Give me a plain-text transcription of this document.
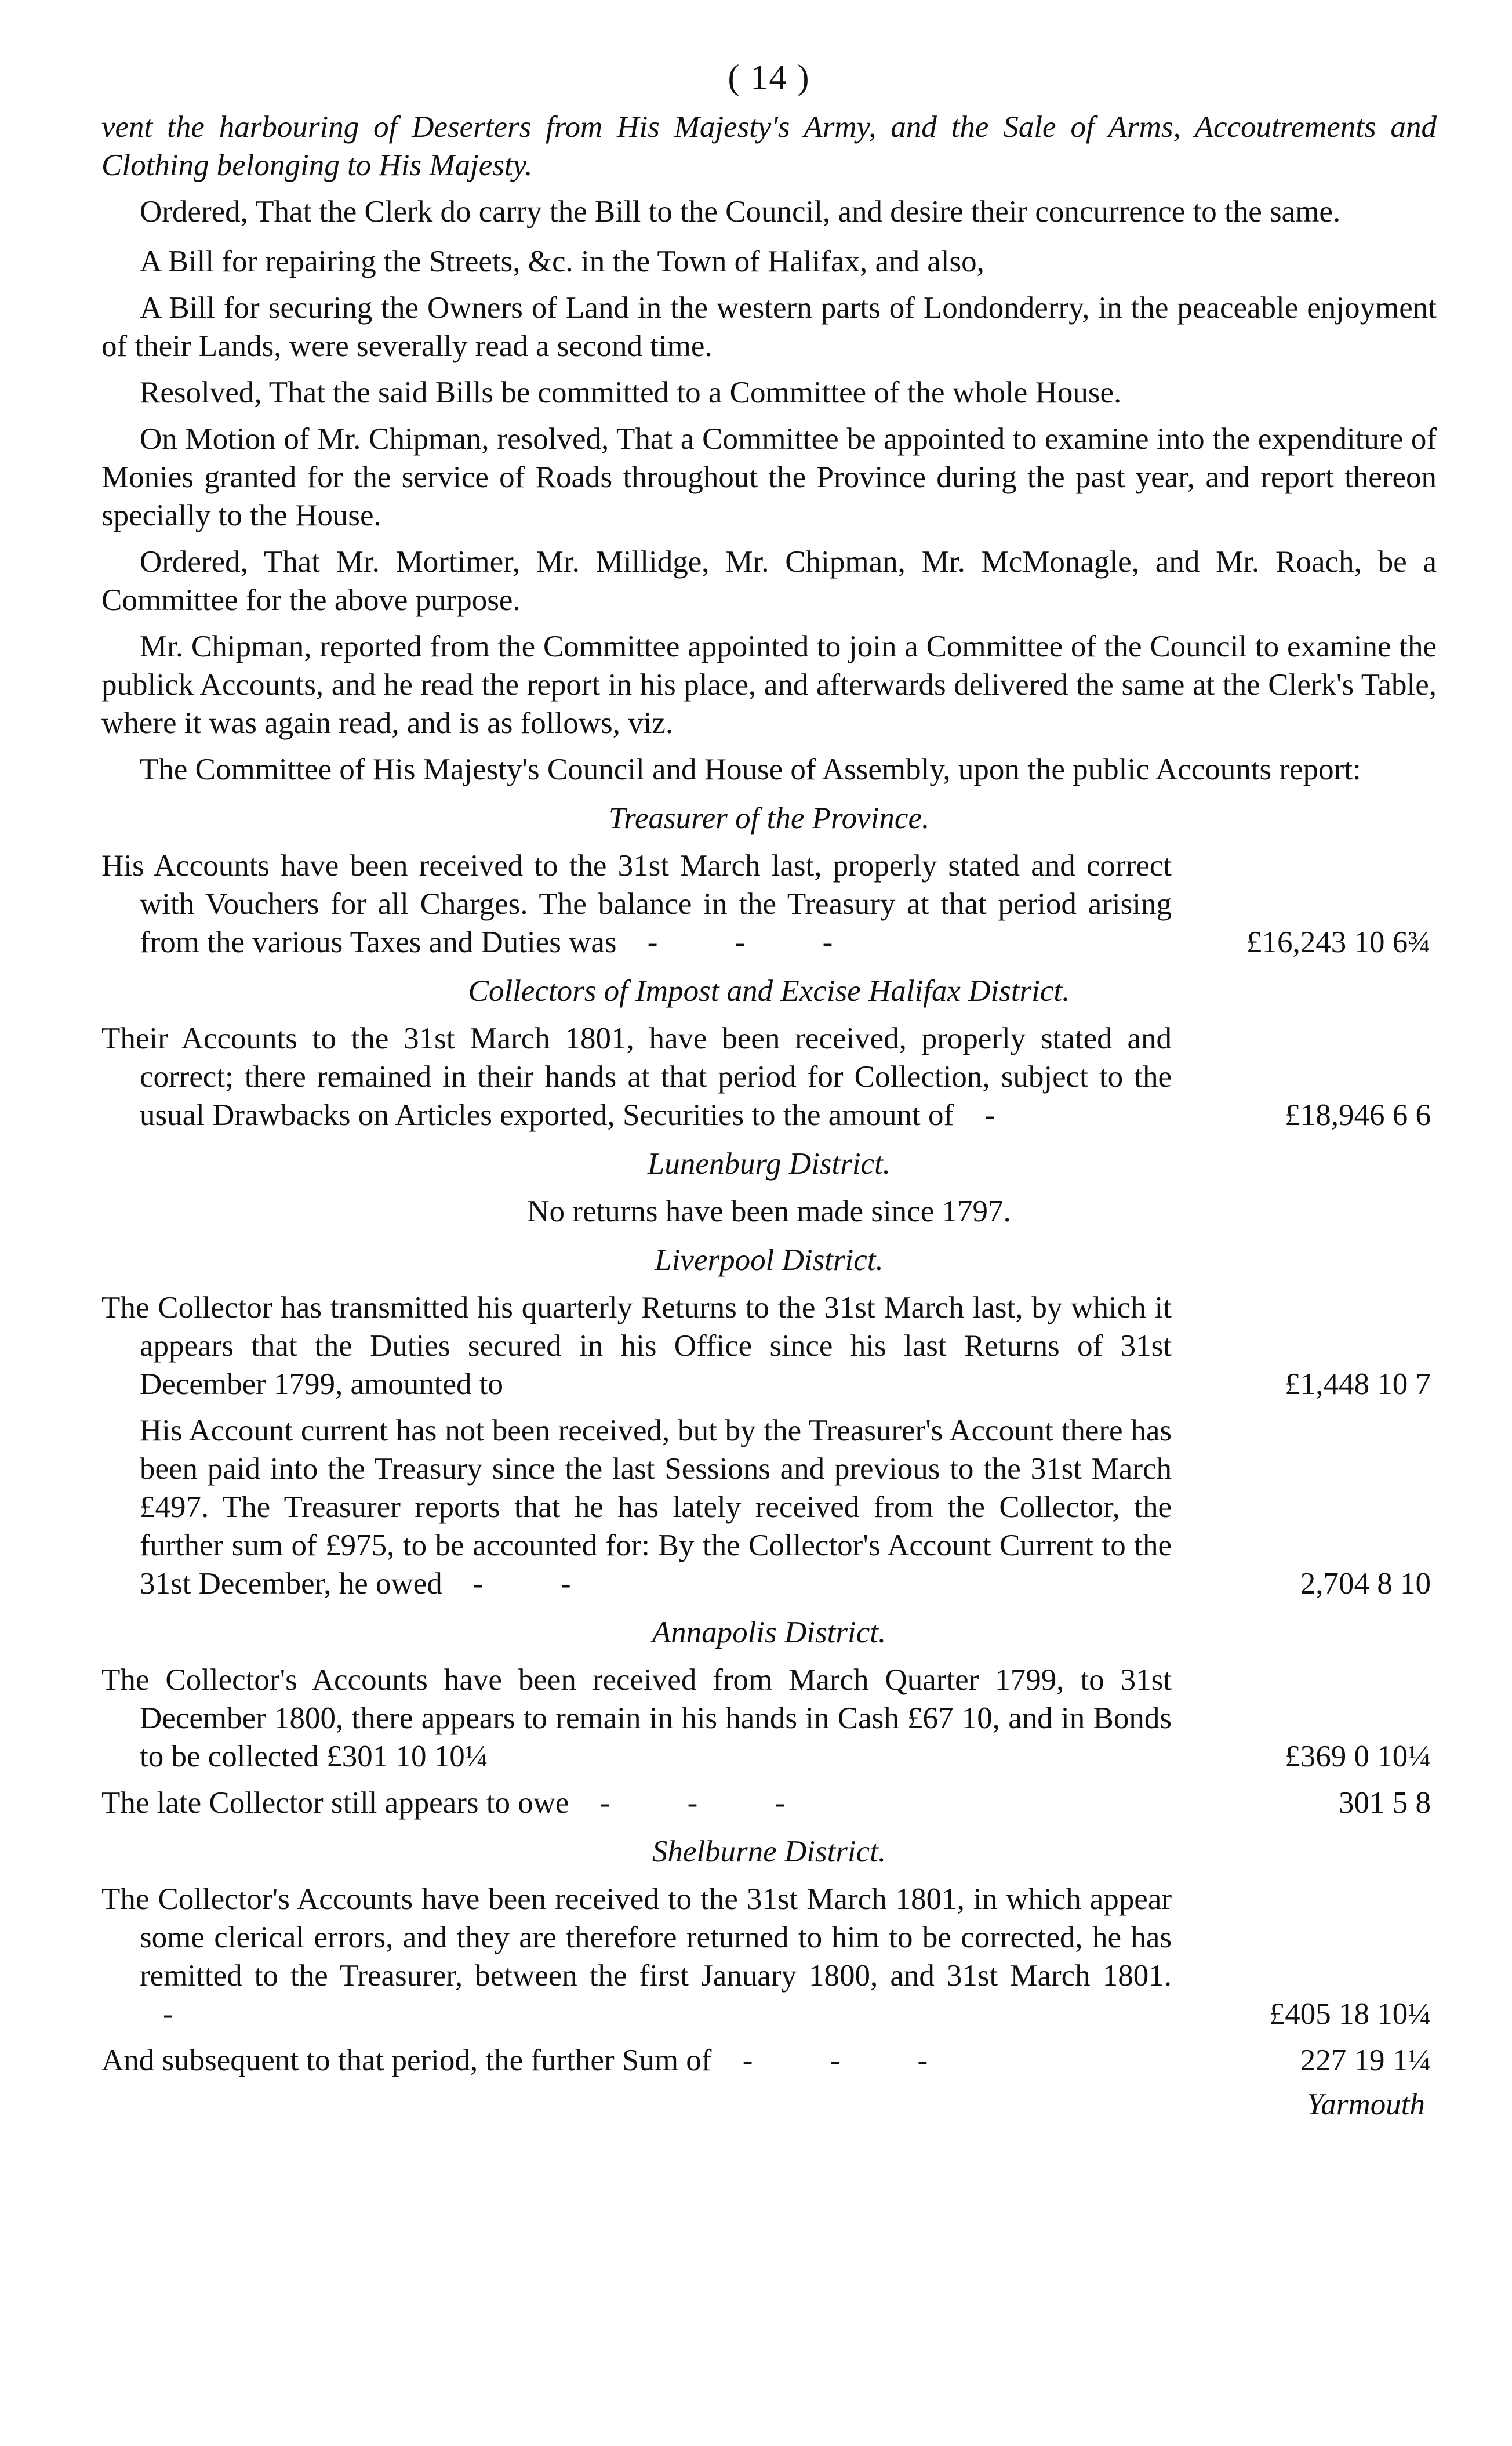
( 14 )

vent the harbouring of Deserters from His Majesty's Army, and the Sale of Arms, Accoutrements and Clothing belonging to His Majesty.

Ordered, That the Clerk do carry the Bill to the Council, and desire their concurrence to the same.

A Bill for repairing the Streets, &c. in the Town of Halifax, and also,

A Bill for securing the Owners of Land in the western parts of Londonderry, in the peaceable enjoyment of their Lands, were severally read a second time.

Resolved, That the said Bills be committed to a Committee of the whole House.

On Motion of Mr. Chipman, resolved, That a Committee be appointed to examine into the expenditure of Monies granted for the service of Roads throughout the Province during the past year, and report thereon specially to the House.

Ordered, That Mr. Mortimer, Mr. Millidge, Mr. Chipman, Mr. McMonagle, and Mr. Roach, be a Committee for the above purpose.

Mr. Chipman, reported from the Committee appointed to join a Committee of the Council to examine the publick Accounts, and he read the report in his place, and afterwards delivered the same at the Clerk's Table, where it was again read, and is as follows, viz.

The Committee of His Majesty's Council and House of Assembly, upon the public Accounts report:

Treasurer of the Province.
His Accounts have been received to the 31st March last, properly stated and correct with Vouchers for all Charges. The balance in the Treasury at that period arising from the various Taxes and Duties was - - -	£16,243 10 6¾
Collectors of Impost and Excise Halifax District.
Their Accounts to the 31st March 1801, have been received, properly stated and correct; there remained in their hands at that period for Collection, subject to the usual Drawbacks on Articles exported, Securities to the amount of -	£18,946 6 6
Lunenburg District.
No returns have been made since 1797.
Liverpool District.
The Collector has transmitted his quarterly Returns to the 31st March last, by which it appears that the Duties secured in his Office since his last Returns of 31st December 1799, amounted to	£1,448 10 7
His Account current has not been received, but by the Treasurer's Account there has been paid into the Treasury since the last Sessions and previous to the 31st March £497. The Treasurer reports that he has lately received from the Collector, the further sum of £975, to be accounted for: By the Collector's Account Current to the 31st December, he owed - -	2,704 8 10
Annapolis District.
The Collector's Accounts have been received from March Quarter 1799, to 31st December 1800, there appears to remain in his hands in Cash £67 10, and in Bonds to be collected £301 10 10¼	£369 0 10¼
The late Collector still appears to owe - - -	301 5 8
Shelburne District.
The Collector's Accounts have been received to the 31st March 1801, in which appear some clerical errors, and they are therefore returned to him to be corrected, he has remitted to the Treasurer, between the first January 1800, and 31st March 1801. -	£405 18 10¼
And subsequent to that period, the further Sum of - - -	227 19 1¼
Yarmouth
